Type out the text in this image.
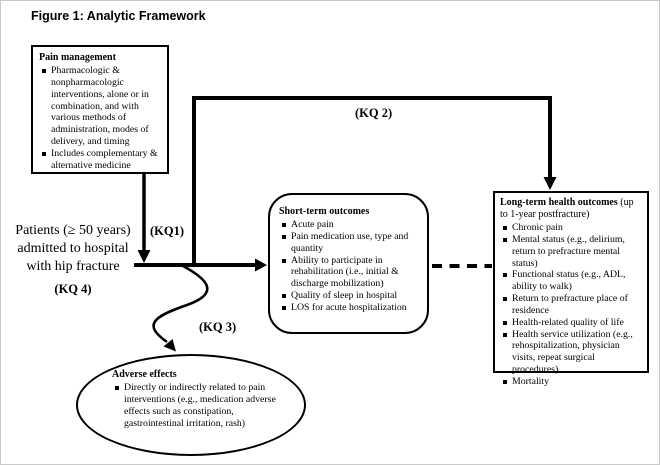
Figure 1: Analytic Framework
Pain management
Pharmacologic & nonpharmacologic interventions, alone or in combination, and with various methods of administration, modes of delivery, and timing
Includes complementary & alternative medicine
Patients (≥ 50 years) admitted to hospital with hip fracture
(KQ 4)
(KQ1)
(KQ 2)
(KQ 3)
Short-term outcomes
Acute pain
Pain medication use, type and quantity
Ability to participate in rehabilitation (i.e., initial & discharge mobilization)
Quality of sleep in hospital
LOS for acute hospitalization
Long-term health outcomes (up to 1-year postfracture)
Chronic pain
Mental status (e.g., delirium, return to prefracture mental status)
Functional status (e.g., ADL, ability to walk)
Return to prefracture place of residence
Health-related quality of life
Health service utilization (e.g., rehospitalization, physician visits, repeat surgical procedures)
Mortality
Adverse effects
Directly or indirectly related to pain interventions (e.g., medication adverse effects such as constipation, gastrointestinal irritation, rash)
